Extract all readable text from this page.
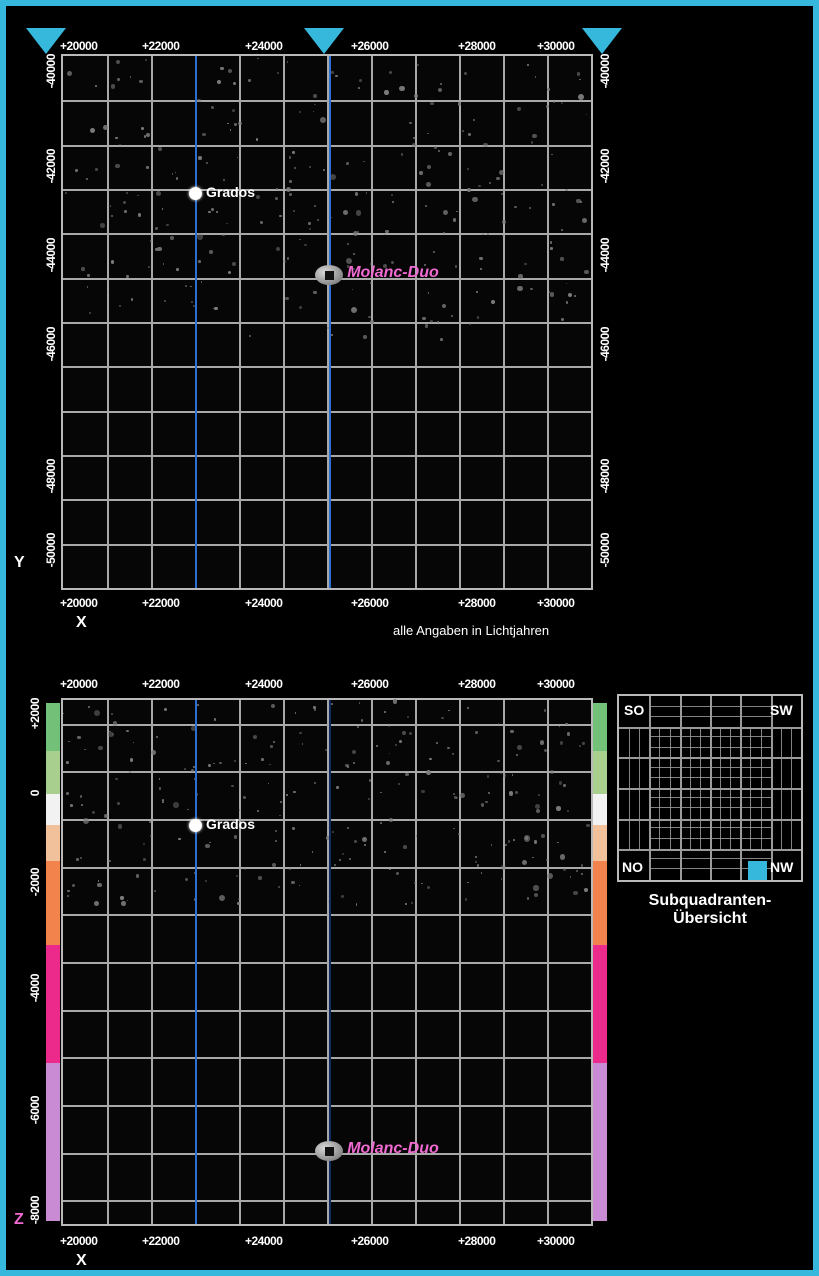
Grados
Molanc-Duo
+20000	+22000	+24000	+26000	+28000	+30000
+20000	+22000	+24000	+26000	+28000	+30000
-40000
-42000
-44000
-46000
-48000
-50000
-40000
-42000
-44000
-46000
-48000
-50000
Y
X	alle Angaben in Lichtjahren
Grados
Molanc-Duo
+20000	+22000	+24000	+26000	+28000	+30000
+20000	+22000	+24000	+26000	+28000	+30000
+2000
0
-2000
-4000
-6000
-8000
Z
X
SO	SW
NO	NW
Subquadranten-
Übersicht
